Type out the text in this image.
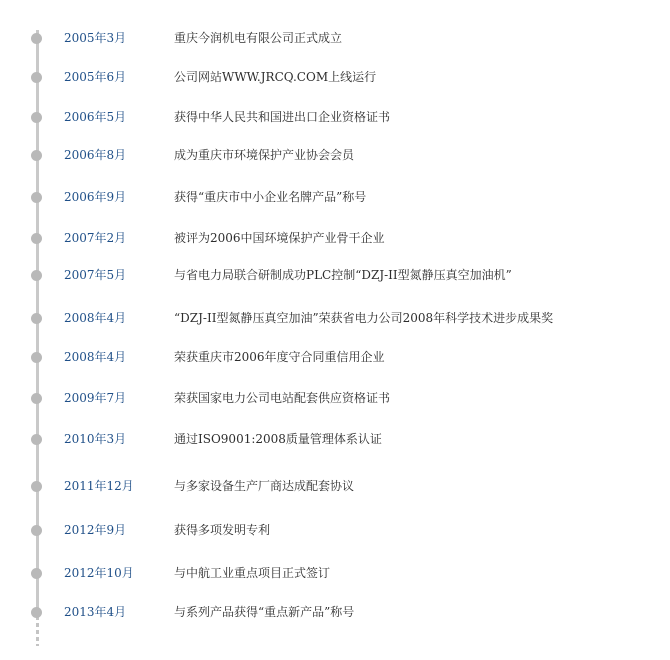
2005年3月	重庆今润机电有限公司正式成立
2005年6月	公司网站WWW.JRCQ.COM上线运行
2006年5月	获得中华人民共和国进出口企业资格证书
2006年8月	成为重庆市环境保护产业协会会员
2006年9月	获得“重庆市中小企业名牌产品”称号
2007年2月	被评为2006中国环境保护产业骨干企业
2007年5月	与省电力局联合研制成功PLC控制“DZJ-II型氮静压真空加油机”
2008年4月	“DZJ-II型氮静压真空加油”荣获省电力公司2008年科学技术进步成果奖
2008年4月	荣获重庆市2006年度守合同重信用企业
2009年7月	荣获国家电力公司电站配套供应资格证书
2010年3月	通过ISO9001:2008质量管理体系认证
2011年12月	与多家设备生产厂商达成配套协议
2012年9月	获得多项发明专利
2012年10月	与中航工业重点项目正式签订
2013年4月	与系列产品获得“重点新产品”称号
